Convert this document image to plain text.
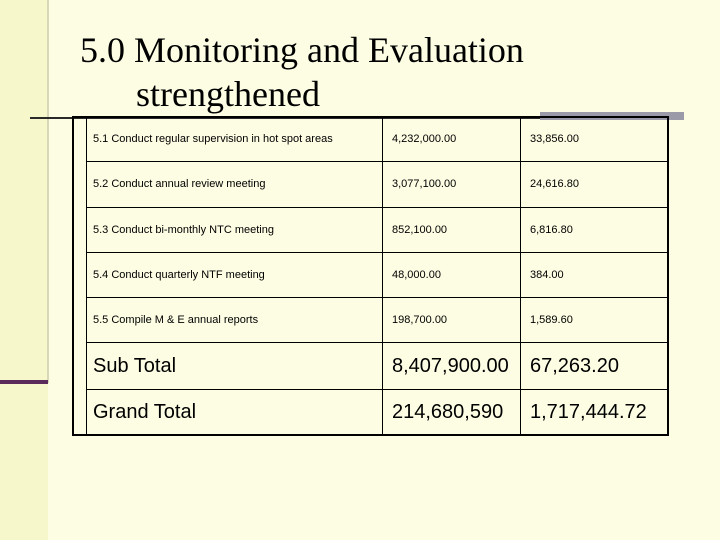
5.0 Monitoring and Evaluation
strengthened
5.1 Conduct regular supervision in hot spot areas	4,232,000.00	33,856.00
5.2 Conduct annual review meeting	3,077,100.00	24,616.80
5.3 Conduct bi-monthly NTC meeting	852,100.00	6,816.80
5.4 Conduct quarterly NTF meeting	48,000.00	384.00
5.5 Compile M & E annual reports	198,700.00	1,589.60
Sub Total	8,407,900.00	67,263.20
Grand Total	214,680,590	1,717,444.72
